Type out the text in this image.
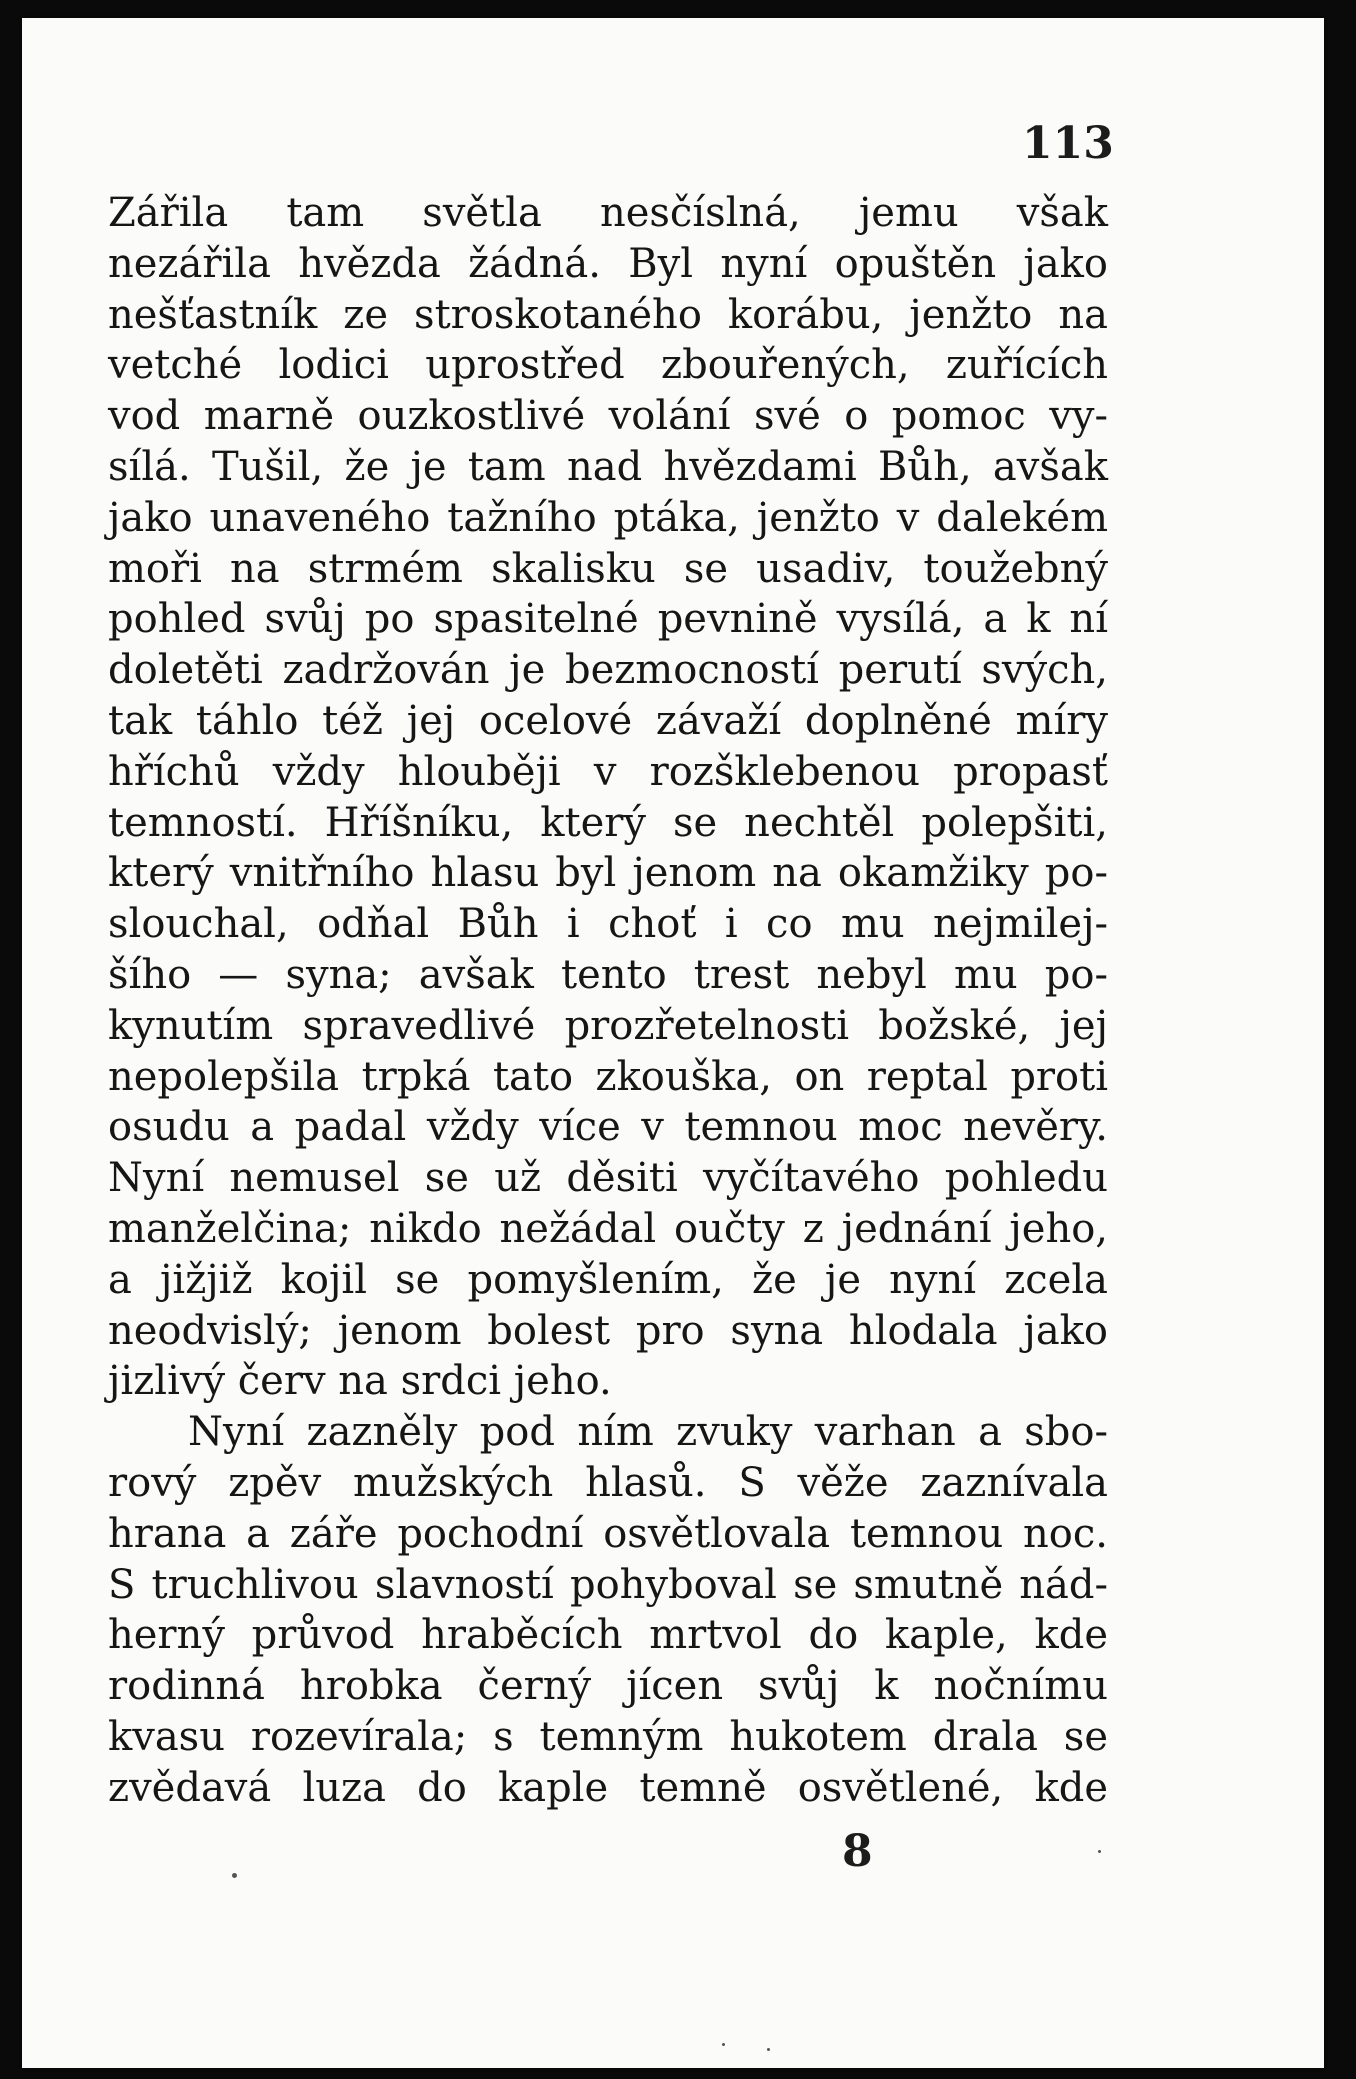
113
Zářila tam světla nesčíslná, jemu však
nezářila hvězda žádná. Byl nyní opuštěn jako
nešťastník ze stroskotaného korábu, jenžto na
vetché lodici uprostřed zbouřených, zuřících
vod marně ouzkostlivé volání své o pomoc vy-
sílá. Tušil, že je tam nad hvězdami Bůh, avšak
jako unaveného tažního ptáka, jenžto v dalekém
moři na strmém skalisku se usadiv, toužebný
pohled svůj po spasitelné pevnině vysílá, a k ní
doletěti zadržován je bezmocností perutí svých,
tak táhlo též jej ocelové závaží doplněné míry
hříchů vždy hlouběji v rozšklebenou propasť
temností. Hříšníku, který se nechtěl polepšiti,
který vnitřního hlasu byl jenom na okamžiky po-
slouchal, odňal Bůh i choť i co mu nejmilej-
šího — syna; avšak tento trest nebyl mu po-
kynutím spravedlivé prozřetelnosti božské, jej
nepolepšila trpká tato zkouška, on reptal proti
osudu a padal vždy více v temnou moc nevěry.
Nyní nemusel se už děsiti vyčítavého pohledu
manželčina; nikdo nežádal oučty z jednání jeho,
a jižjiž kojil se pomyšlením, že je nyní zcela
neodvislý; jenom bolest pro syna hlodala jako
jizlivý červ na srdci jeho.
Nyní zazněly pod ním zvuky varhan a sbo-
rový zpěv mužských hlasů. S věže zaznívala
hrana a záře pochodní osvětlovala temnou noc.
S truchlivou slavností pohyboval se smutně nád-
herný průvod hraběcích mrtvol do kaple, kde
rodinná hrobka černý jícen svůj k nočnímu
kvasu rozevírala; s temným hukotem drala se
zvědavá luza do kaple temně osvětlené, kde
8
